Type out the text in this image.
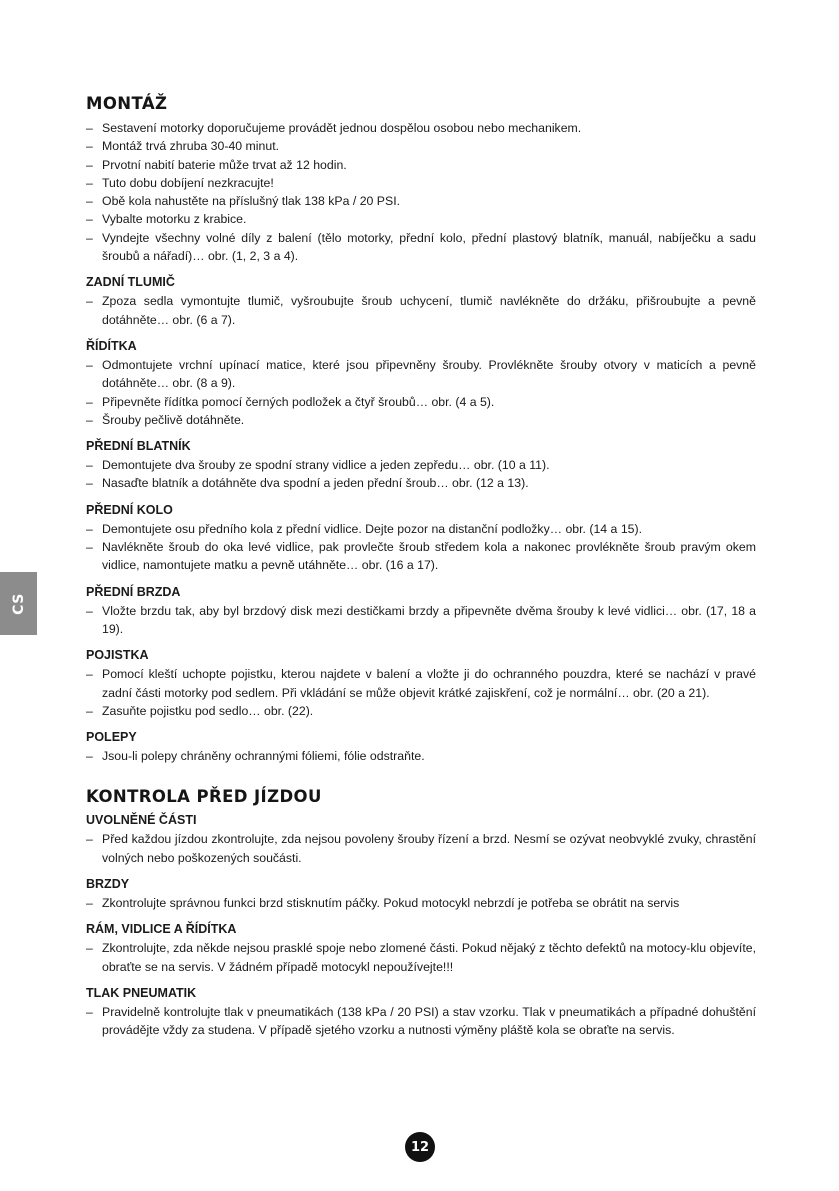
MONTÁŽ
– Sestavení motorky doporučujeme provádět jednou dospělou osobou nebo mechanikem.
– Montáž trvá zhruba 30-40 minut.
– Prvotní nabití baterie může trvat až 12 hodin.
– Tuto dobu dobíjení nezkracujte!
– Obě kola nahustěte na příslušný tlak 138 kPa / 20 PSI.
– Vybalte motorku z krabice.
– Vyndejte všechny volné díly z balení (tělo motorky, přední kolo, přední plastový blatník, manuál, nabíječku a sadu šroubů a nářadí)… obr. (1, 2, 3 a 4).
ZADNÍ TLUMIČ
– Zpoza sedla vymontujte tlumič, vyšroubujte šroub uchycení, tlumič navlékněte do držáku, přišroubujte a pevně dotáhněte… obr. (6 a 7).
ŘÍDÍTKA
– Odmontujete vrchní upínací matice, které jsou připevněny šrouby. Provlékněte šrouby otvory v maticích a pevně dotáhněte… obr. (8 a 9).
– Připevněte řídítka pomocí černých podložek a čtyř šroubů… obr. (4 a 5).
– Šrouby pečlivě dotáhněte.
PŘEDNÍ BLATNÍK
– Demontujete dva šrouby ze spodní strany vidlice a jeden zepředu… obr. (10 a 11).
– Nasaďte blatník a dotáhněte dva spodní a jeden přední šroub… obr. (12 a 13).
PŘEDNÍ KOLO
– Demontujete osu předního kola z přední vidlice. Dejte pozor na distanční podložky… obr. (14 a 15).
– Navlékněte šroub do oka levé vidlice, pak provlečte šroub středem kola a nakonec provlékněte šroub pravým okem vidlice, namontujete matku a pevně utáhněte… obr. (16 a 17).
PŘEDNÍ BRZDA
– Vložte brzdu tak, aby byl brzdový disk mezi destičkami brzdy a připevněte dvěma šrouby k levé vidlici… obr. (17, 18 a 19).
POJISTKA
– Pomocí kleští uchopte pojistku, kterou najdete v balení a vložte ji do ochranného pouzdra, které se nachází v pravé zadní části motorky pod sedlem. Při vkládání se může objevit krátké zajiskření, což je normální… obr. (20 a 21).
– Zasuňte pojistku pod sedlo… obr. (22).
POLEPY
– Jsou-li polepy chráněny ochrannými fóliemi, fólie odstraňte.
KONTROLA PŘED JÍZDOU
UVOLNĚNÉ ČÁSTI
– Před každou jízdou zkontrolujte, zda nejsou povoleny šrouby řízení a brzd. Nesmí se ozývat neobvyklé zvuky, chrastění volných nebo poškozených součásti.
BRZDY
– Zkontrolujte správnou funkci brzd stisknutím páčky. Pokud motocykl nebrzdí je potřeba se obrátit na servis
RÁM, VIDLICE A ŘÍDÍTKA
– Zkontrolujte, zda někde nejsou prasklé spoje nebo zlomené části. Pokud nějaký z těchto defektů na motocy-klu objevíte, obraťte se na servis. V žádném případě motocykl nepoužívejte!!!
TLAK PNEUMATIK
– Pravidelně kontrolujte tlak v pneumatikách (138 kPa / 20 PSI) a stav vzorku. Tlak v pneumatikách a případné dohuštění provádějte vždy za studena. V případě sjetého vzorku a nutnosti výměny pláště kola se obraťte na servis.
CS
12
